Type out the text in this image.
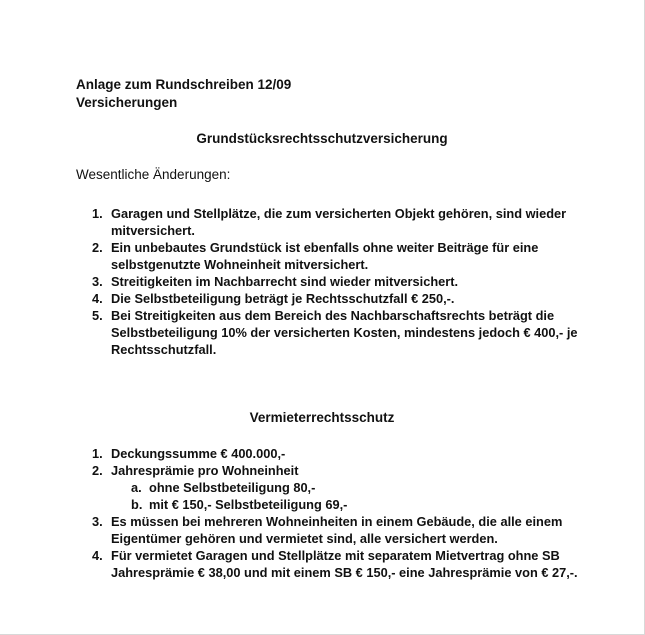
Anlage zum Rundschreiben 12/09
Versicherungen
Grundstücksrechtsschutzversicherung
Wesentliche Änderungen:
Garagen und Stellplätze, die zum versicherten Objekt gehören, sind wieder mitversichert.
Ein unbebautes Grundstück ist ebenfalls ohne weiter Beiträge für eine selbstgenutzte Wohneinheit mitversichert.
Streitigkeiten im Nachbarrecht sind wieder mitversichert.
Die Selbstbeteiligung beträgt je Rechtsschutzfall € 250,-.
Bei Streitigkeiten aus dem Bereich des Nachbarschaftsrechts beträgt die Selbstbeteiligung 10% der versicherten Kosten, mindestens jedoch € 400,- je Rechtsschutzfall.
Vermieterrechtsschutz
Deckungssumme € 400.000,-
Jahresprämie pro Wohneinheit
a. ohne Selbstbeteiligung 80,-
b. mit € 150,- Selbstbeteiligung 69,-
Es müssen bei mehreren Wohneinheiten in einem Gebäude, die alle einem Eigentümer gehören und vermietet sind, alle versichert werden.
Für vermietet Garagen und Stellplätze mit separatem Mietvertrag ohne SB Jahresprämie € 38,00 und mit einem SB € 150,- eine Jahresprämie von € 27,-.
